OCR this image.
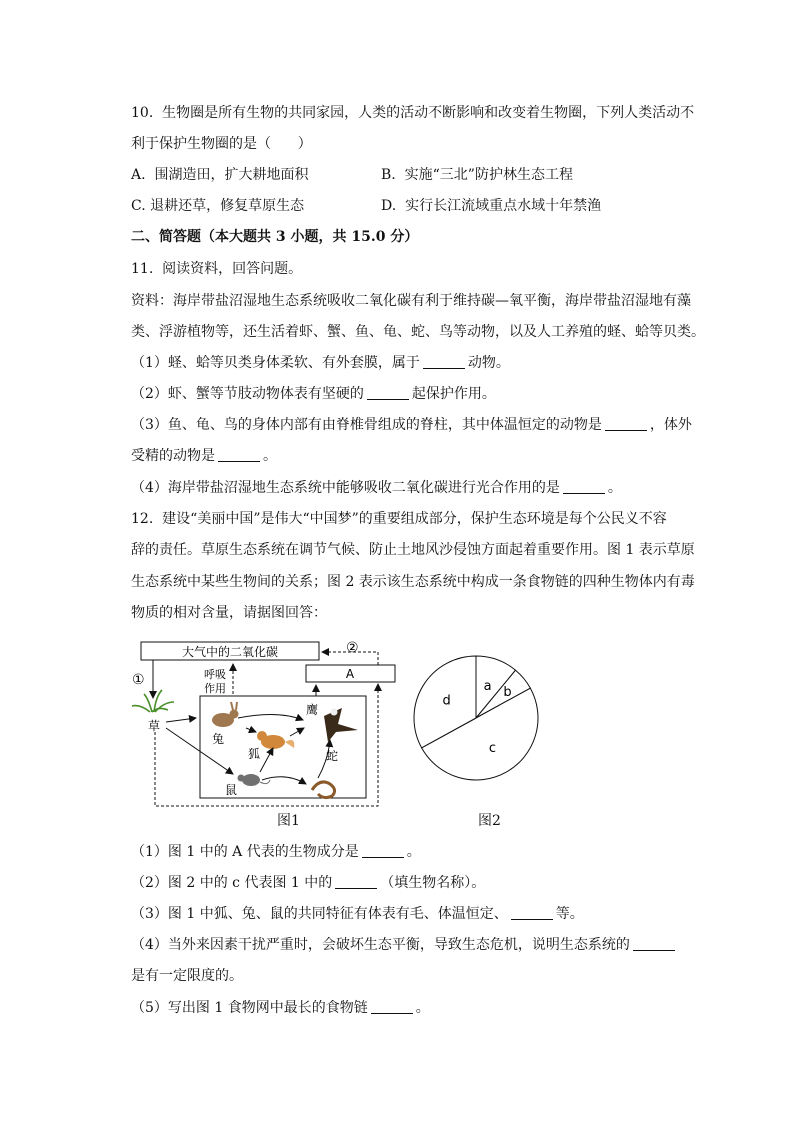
10.  生物圈是所有生物的共同家园，人类的活动不断影响和改变着生物圈，下列人类活动不
利于保护生物圈的是（      ）
A.  围湖造田，扩大耕地面积	B.  实施“三北”防护林生态工程
C. 退耕还草，修复草原生态	D.  实行长江流域重点水域十年禁渔
二、简答题（本大题共 3 小题，共 15.0 分）
11.  阅读资料，回答问题。
资料：海岸带盐沼湿地生态系统吸收二氧化碳有利于维持碳—氧平衡，海岸带盐沼湿地有藻
类、浮游植物等，还生活着虾、蟹、鱼、龟、蛇、鸟等动物，以及人工养殖的蛏、蛤等贝类。
（1）蛏、蛤等贝类身体柔软、有外套膜，属于	动物。
（2）虾、蟹等节肢动物体表有坚硬的	起保护作用。
（3）鱼、龟、鸟的身体内部有由脊椎骨组成的脊柱，其中体温恒定的动物是	，体外
受精的动物是	。
（4）海岸带盐沼湿地生态系统中能够吸收二氧化碳进行光合作用的是	。
12.  建设“美丽中国”是伟大“中国梦”的重要组成部分，保护生态环境是每个公民义不容
辞的责任。草原生态系统在调节气候、防止土地风沙侵蚀方面起着重要作用。图 1 表示草原
生态系统中某些生物间的关系；图 2 表示该生态系统中构成一条食物链的四种生物体内有毒
物质的相对含量，请据图回答：
大气中的二氧化碳
A
②
①	呼吸
作用
草
兔
狐
鹰
蛇
鼠
图1
a b
c
d
图2
（1）图 1 中的 A 代表的生物成分是	。
（2）图 2 中的 c 代表图 1 中的	（填生物名称）。
（3）图 1 中狐、兔、鼠的共同特征有体表有毛、体温恒定、	等。
（4）当外来因素干扰严重时，会破坏生态平衡，导致生态危机，说明生态系统的
是有一定限度的。
（5）写出图 1 食物网中最长的食物链	。
